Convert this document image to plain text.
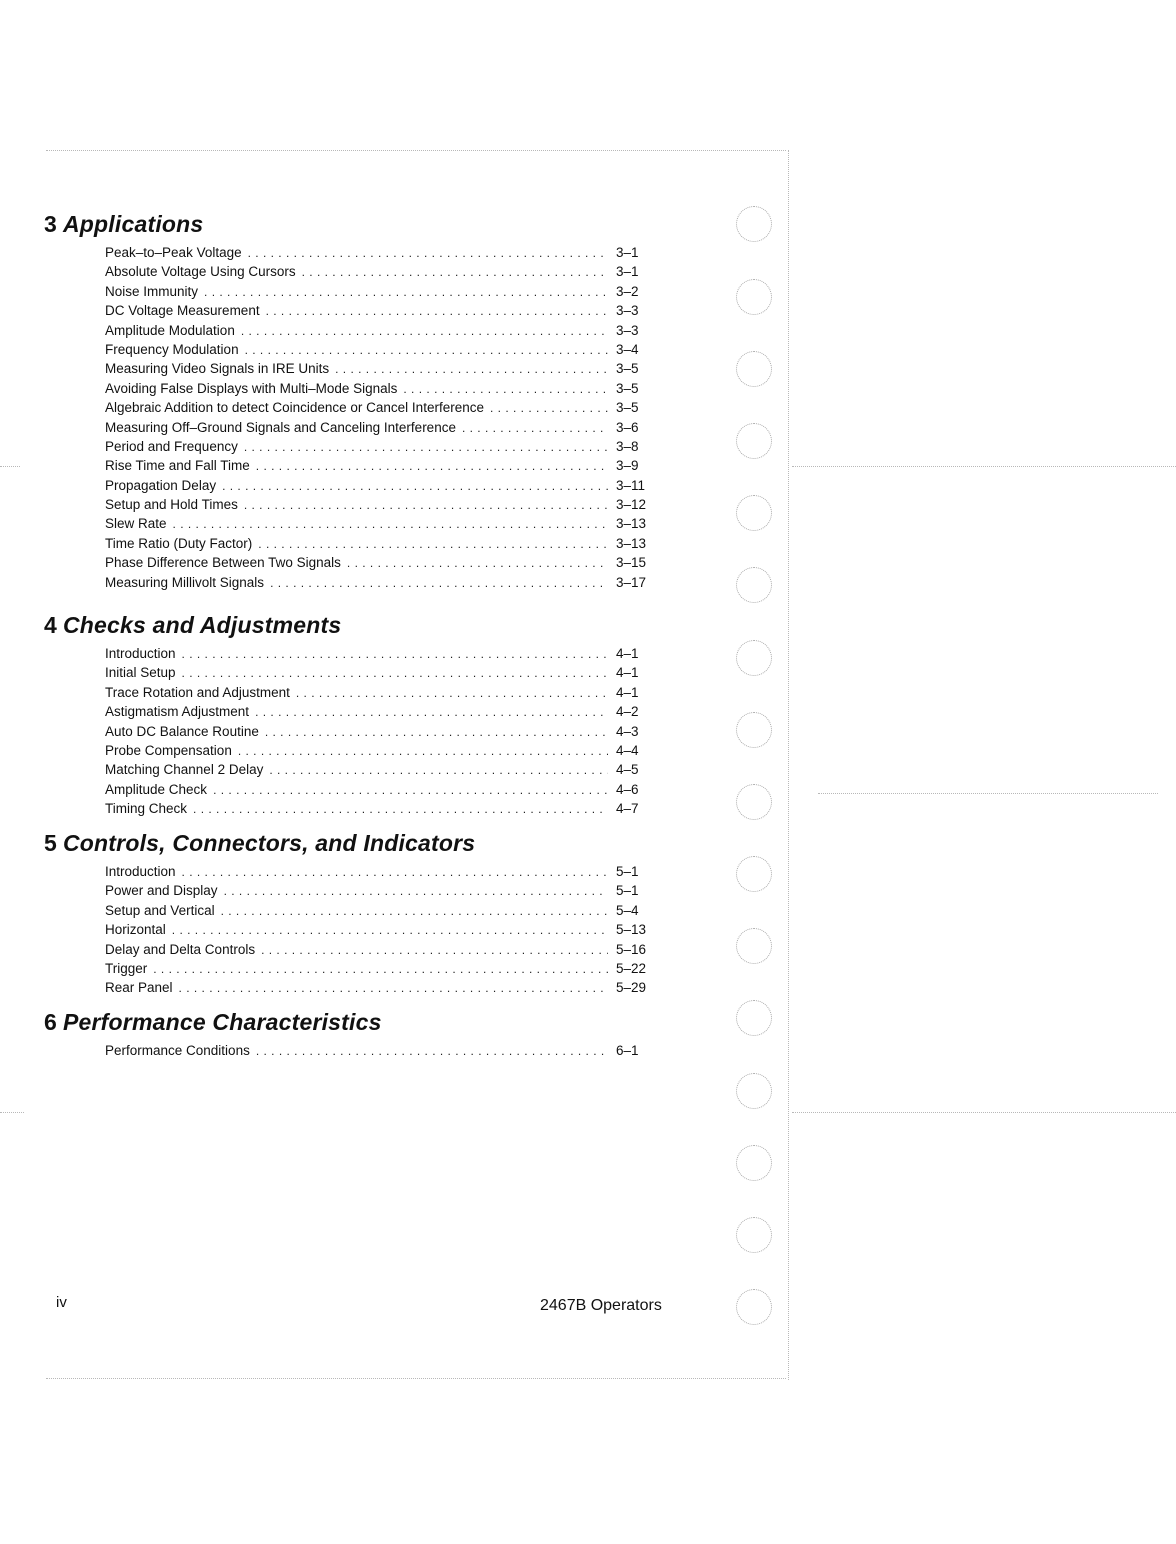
3 Applications
Peak–to–Peak Voltage . . .	3–1
Absolute Voltage Using Cursors . . .	3–1
Noise Immunity . . .	3–2
DC Voltage Measurement . . .	3–3
Amplitude Modulation . . .	3–3
Frequency Modulation . . .	3–4
Measuring Video Signals in IRE Units . . .	3–5
Avoiding False Displays with Multi–Mode Signals . . .	3–5
Algebraic Addition to detect Coincidence or Cancel Interference . . .	3–5
Measuring Off–Ground Signals and Canceling Interference . . .	3–6
Period and Frequency . . .	3–8
Rise Time and Fall Time . . .	3–9
Propagation Delay . . .	3–11
Setup and Hold Times . . .	3–12
Slew Rate . . .	3–13
Time Ratio (Duty Factor) . . .	3–13
Phase Difference Between Two Signals . . .	3–15
Measuring Millivolt Signals . . .	3–17
4 Checks and Adjustments
Introduction . . .	4–1
Initial Setup . . .	4–1
Trace Rotation and Adjustment . . .	4–1
Astigmatism Adjustment . . .	4–2
Auto DC Balance Routine . . .	4–3
Probe Compensation . . .	4–4
Matching Channel 2 Delay . . .	4–5
Amplitude Check . . .	4–6
Timing Check . . .	4–7
5 Controls, Connectors, and Indicators
Introduction . . .	5–1
Power and Display . . .	5–1
Setup and Vertical . . .	5–4
Horizontal . . .	5–13
Delay and Delta Controls . . .	5–16
Trigger . . .	5–22
Rear Panel . . .	5–29
6 Performance Characteristics
Performance Conditions . . .	6–1
iv	2467B Operators
